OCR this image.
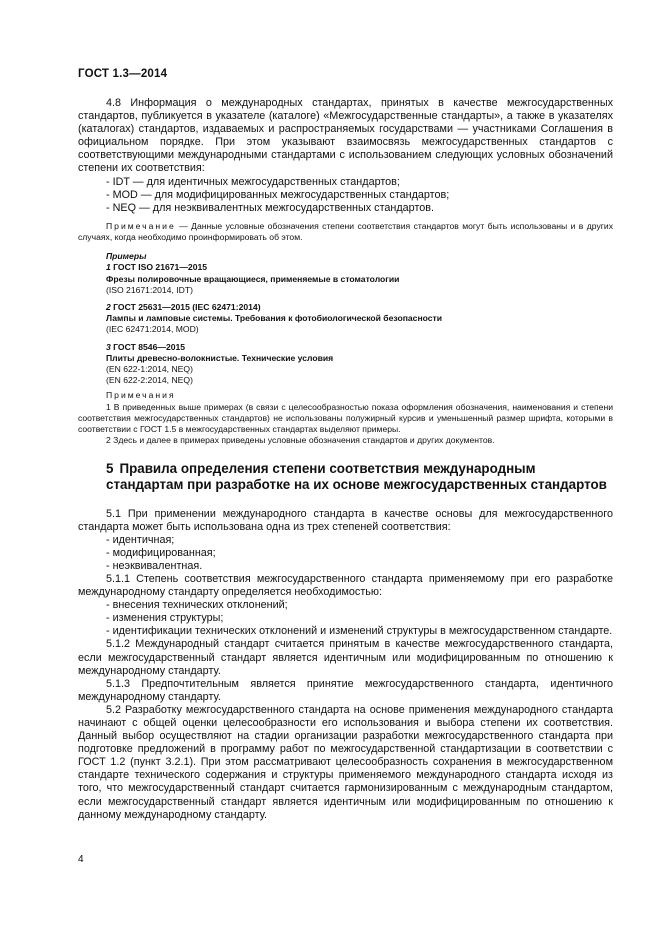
ГОСТ 1.3—2014

4.8 Информация о международных стандартах, принятых в качестве межгосударственных стандартов, публикуется в указателе (каталоге) «Межгосударственные стандарты», а также в указателях (каталогах) стандартов, издаваемых и распространяемых государствами — участниками Соглашения в официальном порядке. При этом указывают взаимосвязь межгосударственных стандартов с соответствующими международными стандартами с использованием следующих условных обозначений степени их соответствия:

- IDT — для идентичных межгосударственных стандартов;

- MOD — для модифицированных межгосударственных стандартов;

- NEQ — для неэквивалентных межгосударственных стандартов.

Примечание — Данные условные обозначения степени соответствия стандартов могут быть использованы и в других случаях, когда необходимо проинформировать об этом.

Примеры

1 ГОСТ ISO 21671—2015

Фрезы полировочные вращающиеся, применяемые в стоматологии

(ISO 21671:2014, IDT)

2 ГОСТ 25631—2015 (IEC 62471:2014)

Лампы и ламповые системы. Требования к фотобиологической безопасности

(IEC 62471:2014, MOD)

3 ГОСТ 8546—2015

Плиты древесно-волокнистые. Технические условия

(EN 622-1:2014, NEQ)

(EN 622-2:2014, NEQ)

Примечания

1 В приведенных выше примерах (в связи с целесообразностью показа оформления обозначения, наименования и степени соответствия межгосударственных стандартов) не использованы полужирный курсив и уменьшенный размер шрифта, которыми в соответствии с ГОСТ 1.5 в межгосударственных стандартах выделяют примеры.

2 Здесь и далее в примерах приведены условные обозначения стандартов и других документов.

5 Правила определения степени соответствия международным стандартам при разработке на их основе межгосударственных стандартов

5.1 При применении международного стандарта в качестве основы для межгосударственного стандарта может быть использована одна из трех степеней соответствия:

- идентичная;

- модифицированная;

- неэквивалентная.

5.1.1 Степень соответствия межгосударственного стандарта применяемому при его разработке международному стандарту определяется необходимостью:

- внесения технических отклонений;

- изменения структуры;

- идентификации технических отклонений и изменений структуры в межгосударственном стандарте.

5.1.2 Международный стандарт считается принятым в качестве межгосударственного стандарта, если межгосударственный стандарт является идентичным или модифицированным по отношению к международному стандарту.

5.1.3 Предпочтительным является принятие межгосударственного стандарта, идентичного международному стандарту.

5.2 Разработку межгосударственного стандарта на основе применения международного стандарта начинают с общей оценки целесообразности его использования и выбора степени их соответствия. Данный выбор осуществляют на стадии организации разработки межгосударственного стандарта при подготовке предложений в программу работ по межгосударственной стандартизации в соответствии с ГОСТ 1.2 (пункт 3.2.1). При этом рассматривают целесообразность сохранения в межгосударственном стандарте технического содержания и структуры применяемого международного стандарта исходя из того, что межгосударственный стандарт считается гармонизированным с международным стандартом, если межгосударственный стандарт является идентичным или модифицированным по отношению к данному международному стандарту.

4
